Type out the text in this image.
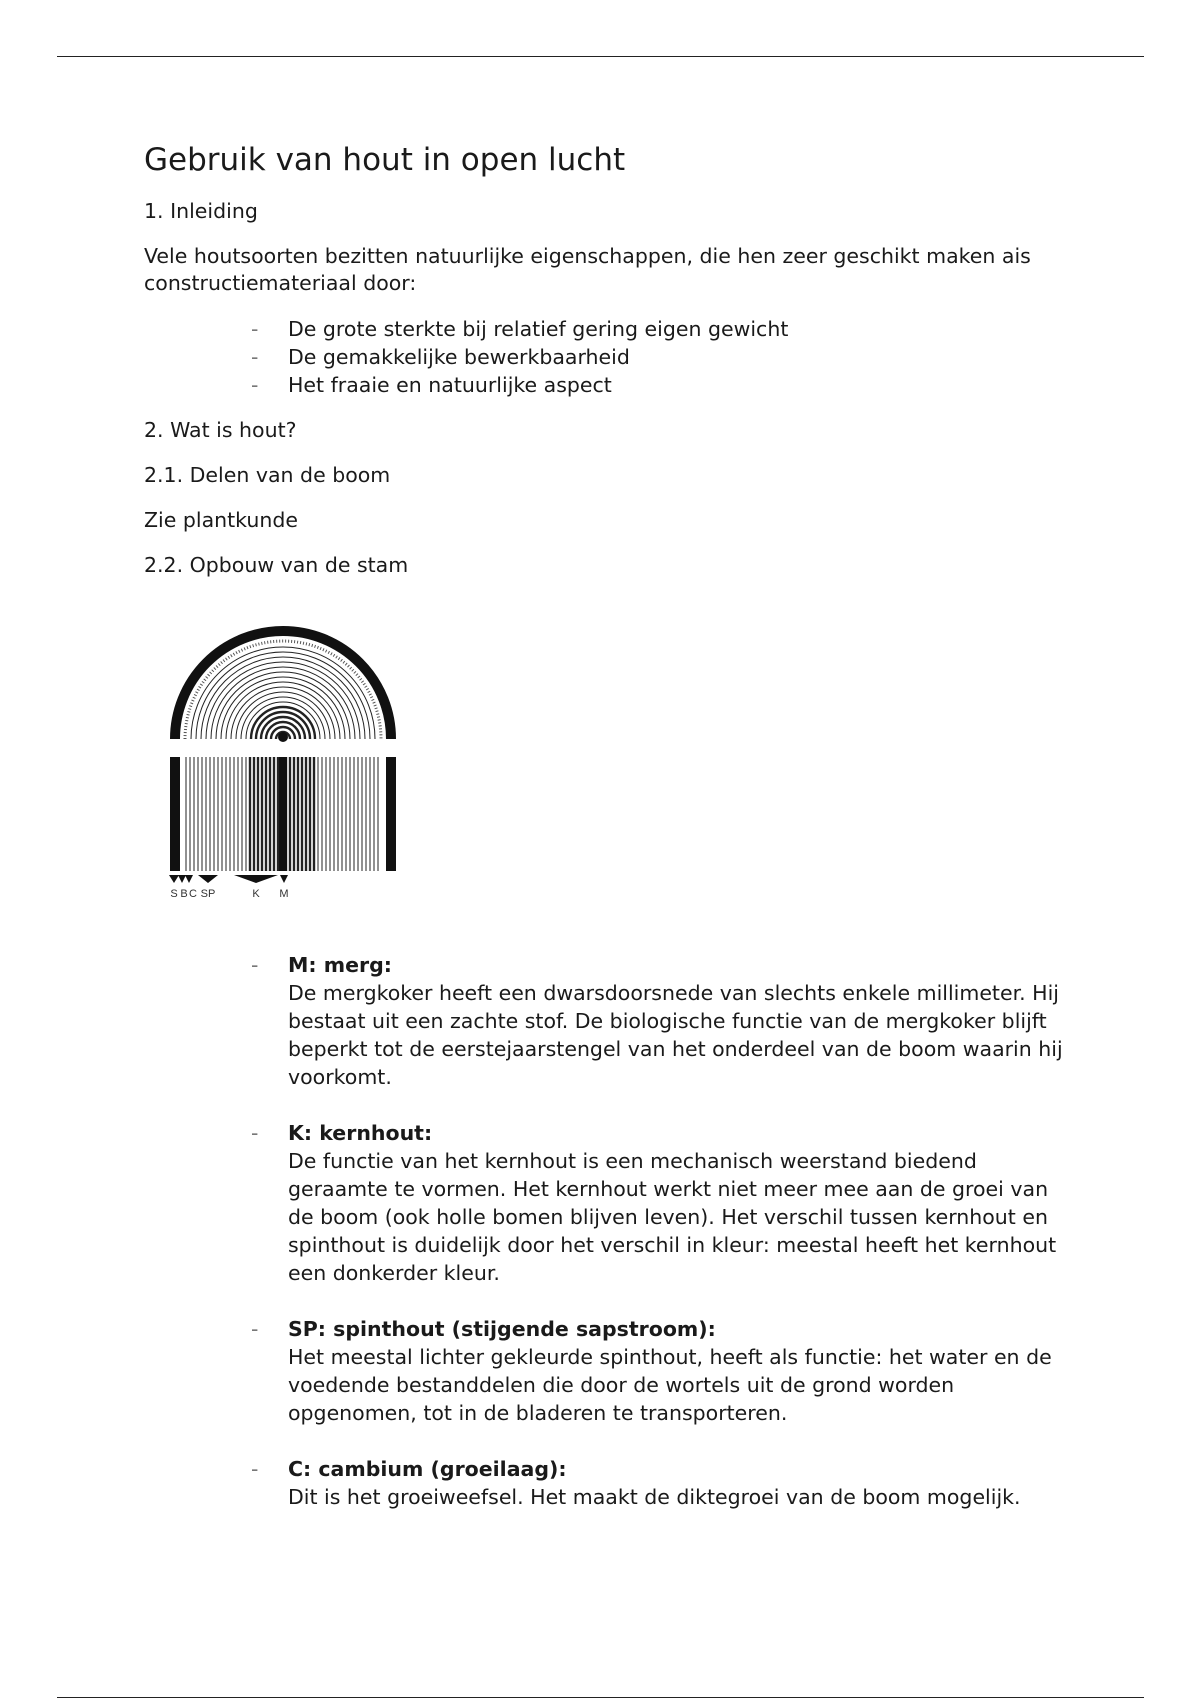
Gebruik van hout in open lucht

1. Inleiding

Vele houtsoorten bezitten natuurlijke eigenschappen, die hen zeer geschikt maken ais constructiemateriaal door:

- De grote sterkte bij relatief gering eigen gewicht
- De gemakkelijke bewerkbaarheid
- Het fraaie en natuurlijke aspect

2. Wat is hout?

2.1. Delen van de boom

Zie plantkunde

2.2. Opbouw van de stam

S B C SP	K M
- M: merg:
De mergkoker heeft een dwarsdoorsnede van slechts enkele millimeter. Hij bestaat uit een zachte stof. De biologische functie van de mergkoker blijft beperkt tot de eerstejaarstengel van het onderdeel van de boom waarin hij voorkomt.
- K: kernhout:
De functie van het kernhout is een mechanisch weerstand biedend geraamte te vormen. Het kernhout werkt niet meer mee aan de groei van de boom (ook holle bomen blijven leven). Het verschil tussen kernhout en spinthout is duidelijk door het verschil in kleur: meestal heeft het kernhout een donkerder kleur.
- SP: spinthout (stijgende sapstroom):
Het meestal lichter gekleurde spinthout, heeft als functie: het water en de voedende bestanddelen die door de wortels uit de grond worden opgenomen, tot in de bladeren te transporteren.
- C: cambium (groeilaag):
Dit is het groeiweefsel. Het maakt de diktegroei van de boom mogelijk.
